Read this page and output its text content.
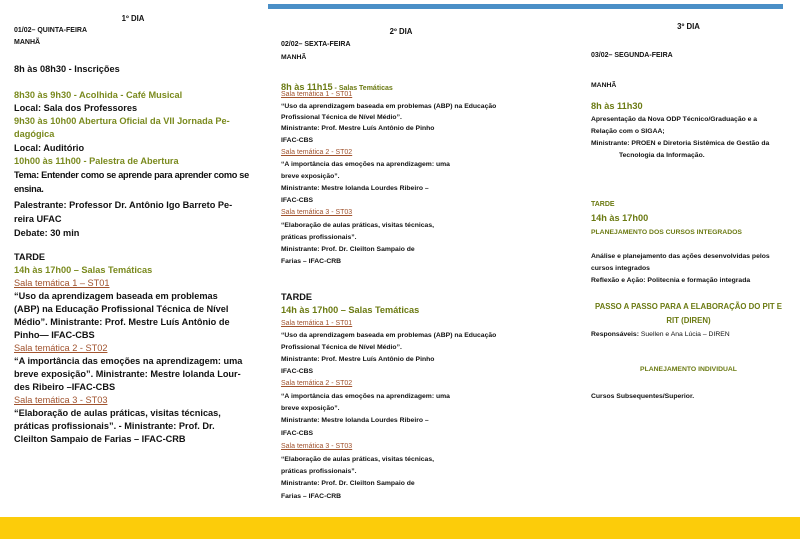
1º DIA
01/02– QUINTA-FEIRA
MANHÃ
8h às 08h30 - Inscrições
8h30 às 9h30 - Acolhida - Café Musical
Local: Sala dos Professores
9h30 às 10h00 Abertura Oficial da VII Jornada Pe-
dagógica
Local: Auditório
10h00 às 11h00 - Palestra de Abertura
Tema: Entender como se aprende para aprender como se
ensina.
Palestrante: Professor Dr. Antônio Igo Barreto Pe-
reira UFAC
Debate: 30 min
TARDE
14h às 17h00 – Salas Temáticas
Sala temática 1 – ST01
“Uso da aprendizagem baseada em problemas
(ABP) na Educação Profissional Técnica de Nível
Médio”. Ministrante: Prof. Mestre Luís Antônio de
Pinho— IFAC-CBS
Sala temática 2 - ST02
“A importância das emoções na aprendizagem: uma
breve exposição”. Ministrante: Mestre Iolanda Lour-
des Ribeiro –IFAC-CBS
Sala temática 3 - ST03
“Elaboração de aulas práticas, visitas técnicas,
práticas profissionais”. - Ministrante: Prof. Dr.
Cleilton Sampaio de Farias – IFAC-CRB
2º DIA
02/02– SEXTA-FEIRA
MANHÃ
8h às 11h15 - Salas Temáticas
Sala temática 1 - ST01
“Uso da aprendizagem baseada em problemas (ABP) na Educação
Profissional Técnica de Nível Médio”.
Ministrante: Prof. Mestre Luís Antônio de Pinho
IFAC-CBS
Sala temática 2 - ST02
“A importância das emoções na aprendizagem: uma
breve exposição”.
Ministrante: Mestre Iolanda Lourdes Ribeiro –
IFAC-CBS
Sala temática 3 - ST03
“Elaboração de aulas práticas, visitas técnicas,
práticas profissionais”.
Ministrante: Prof. Dr. Cleilton Sampaio de
Farias – IFAC-CRB
TARDE
14h às 17h00 – Salas Temáticas
Sala temática 1 - ST01
“Uso da aprendizagem baseada em problemas (ABP) na Educação
Profissional Técnica de Nível Médio”.
Ministrante: Prof. Mestre Luís Antônio de Pinho
IFAC-CBS
Sala temática 2 - ST02
“A importância das emoções na aprendizagem: uma
breve exposição”.
Ministrante: Mestre Iolanda Lourdes Ribeiro –
IFAC-CBS
Sala temática 3 - ST03
“Elaboração de aulas práticas, visitas técnicas,
práticas profissionais”.
Ministrante: Prof. Dr. Cleilton Sampaio de
Farias – IFAC-CRB
3º DIA
03/02– SEGUNDA-FEIRA
MANHÃ
8h às 11h30
Apresentação da Nova ODP Técnico/Graduação e a
Relação com o SIGAA;
Ministrante: PROEN e Diretoria Sistêmica de Gestão da
Tecnologia da Informação.
TARDE
14h às 17h00
PLANEJAMENTO DOS CURSOS INTEGRADOS
Análise e planejamento das ações desenvolvidas pelos
cursos integrados
Reflexão e Ação: Politecnia e formação integrada
PASSO A PASSO PARA A ELABORAÇÃO DO PIT E
RIT (DIREN)
Responsáveis: Suellen e Ana Lúcia – DIREN
PLANEJAMENTO INDIVIDUAL
Cursos Subsequentes/Superior.
